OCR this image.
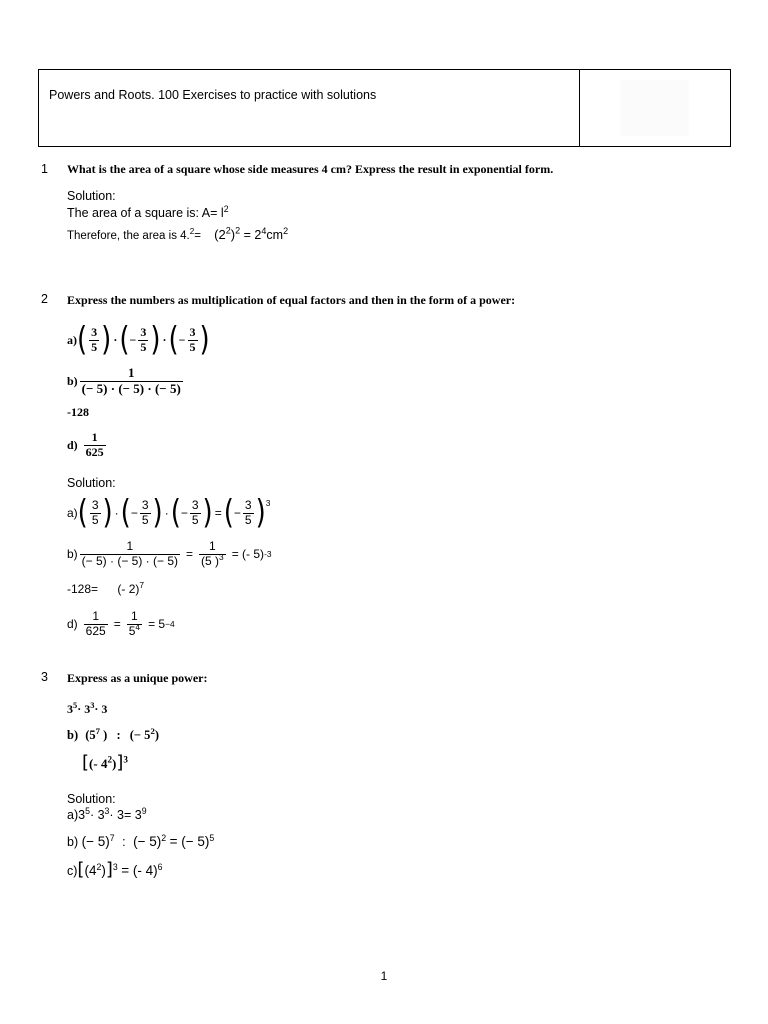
Powers and Roots. 100 Exercises to practice with solutions
1 What is the area of a square whose side measures 4 cm? Express the result in exponential form.
Solution:
The area of a square is: $A= l^2$
Therefore, the area is $4.^2= (2^2)^2 = 2^4cm^2$
2 Express the numbers as multiplication of equal factors and then in the form of a power:
a) ( $\frac{3}{5}$ ) · ( − $\frac{3}{5}$ ) · ( − $\frac{3}{5}$ )
$b) \frac{1}{(- 5) \cdot (- 5) \cdot (- 5)}$
-128
$d) \frac{1}{625}$
Solution:
a) ( $\frac{3}{5}$ ) · ( − $\frac{3}{5}$ ) · ( − $\frac{3}{5}$ ) = ( − $\frac{3}{5} )^3$
$b) \frac{1}{(- 5) \cdot (- 5) \cdot (- 5)} = \frac{1}{(5 )^3}$ = (- 5) -3
-128= (- 2)$^7$
$d) \frac{1}{625} = \frac{1}{5^4} = 5 -4$
3 Express as a unique power:
$3^5\cdot 3^3\cdot 3$
b) ($5^7$ ) : (− $5^2$)
[(- $4^2)]^3$
Solution:
$a)3^5\cdot 3^3\cdot 3= 3^9$
b) (− 5)$^7$ : (− 5)$^2$ = (− 5)$^5$
$c)[(4^2)]^3$ = (- 4)$^6$
1
